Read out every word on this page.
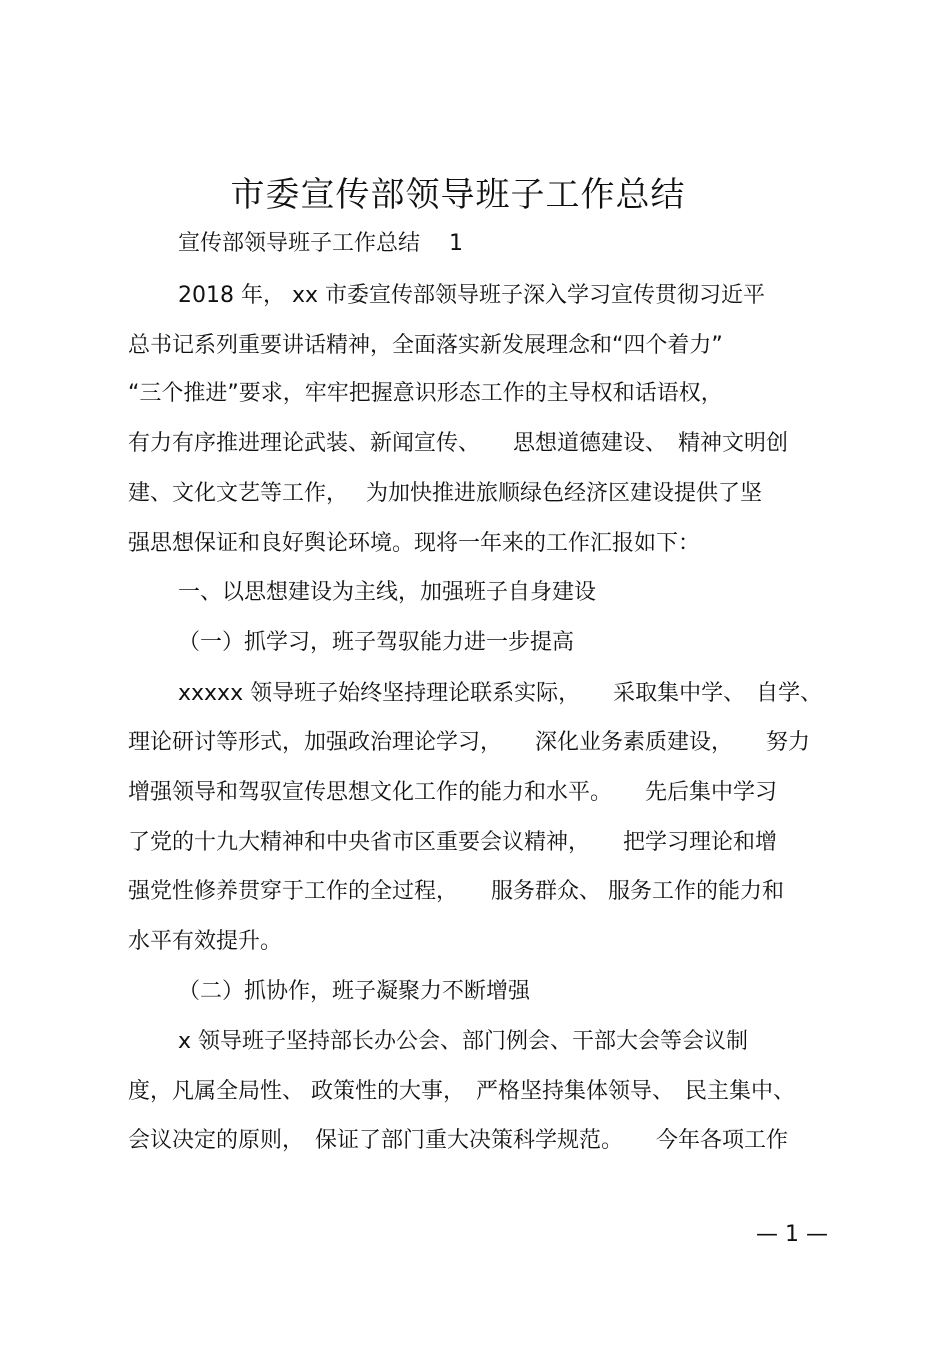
市委宣传部领导班子工作总结
宣传部领导班子工作总结　 1
2018 年， xx 市委宣传部领导班子深入学习宣传贯彻习近平
总书记系列重要讲话精神，全面落实新发展理念和“四个着力”
“三个推进”要求，牢牢把握意识形态工作的主导权和话语权，
有力有序推进理论武装、新闻宣传、　　思想道德建设、　精神文明创
建、文化文艺等工作，　 为加快推进旅顺绿色经济区建设提供了坚
强思想保证和良好舆论环境。现将一年来的工作汇报如下：
一、以思想建设为主线，加强班子自身建设
（一）抓学习，班子驾驭能力进一步提高
xxxxx 领导班子始终坚持理论联系实际，　　采取集中学、　自学、
理论研讨等形式，加强政治理论学习，　　深化业务素质建设，　　努力
增强领导和驾驭宣传思想文化工作的能力和水平。　　先后集中学习
了党的十九大精神和中央省市区重要会议精神，　　把学习理论和增
强党性修养贯穿于工作的全过程，　　服务群众、 服务工作的能力和
水平有效提升。
（二）抓协作，班子凝聚力不断增强
x 领导班子坚持部长办公会、部门例会、干部大会等会议制
度，凡属全局性、 政策性的大事，　严格坚持集体领导、　民主集中、
会议决定的原则，　保证了部门重大决策科学规范。　　今年各项工作
— 1 —
